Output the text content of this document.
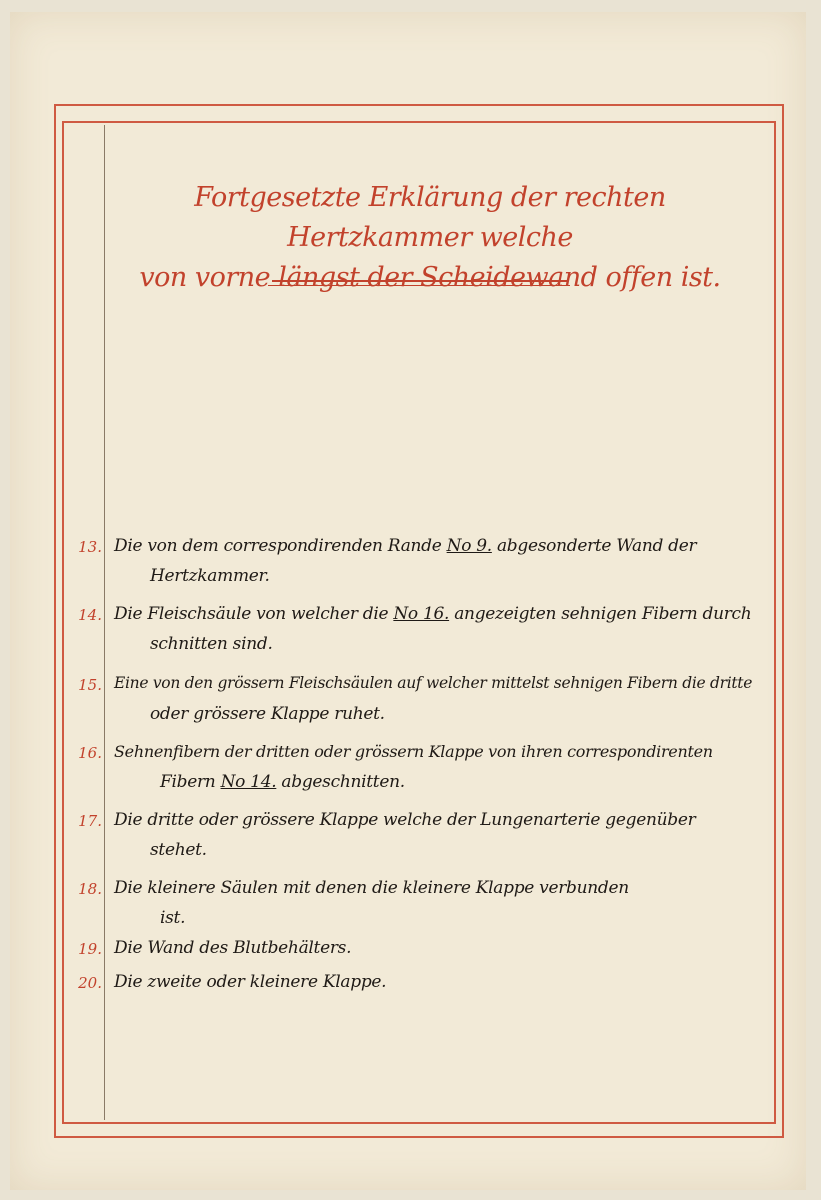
Fortgesetzte Erklärung der rechten Hertzkammer welche
von vorne längst der Scheidewand offen ist.
13. Die von dem correspondirenden Rande No 9. abgesonderte Wand der
Hertzkammer.
14. Die Fleischsäule von welcher die No 16. angezeigten sehnigen Fibern durch
schnitten sind.
15. Eine von den grössern Fleischsäulen auf welcher mittelst sehnigen Fibern die dritte
oder grössere Klappe ruhet.
16. Sehnenfibern der dritten oder grössern Klappe von ihren correspondirenten
Fibern No 14. abgeschnitten.
17. Die dritte oder grössere Klappe welche der Lungenarterie gegenüber
stehet.
18. Die kleinere Säulen mit denen die kleinere Klappe verbunden
ist.
19. Die Wand des Blutbehälters.
20. Die zweite oder kleinere Klappe.
